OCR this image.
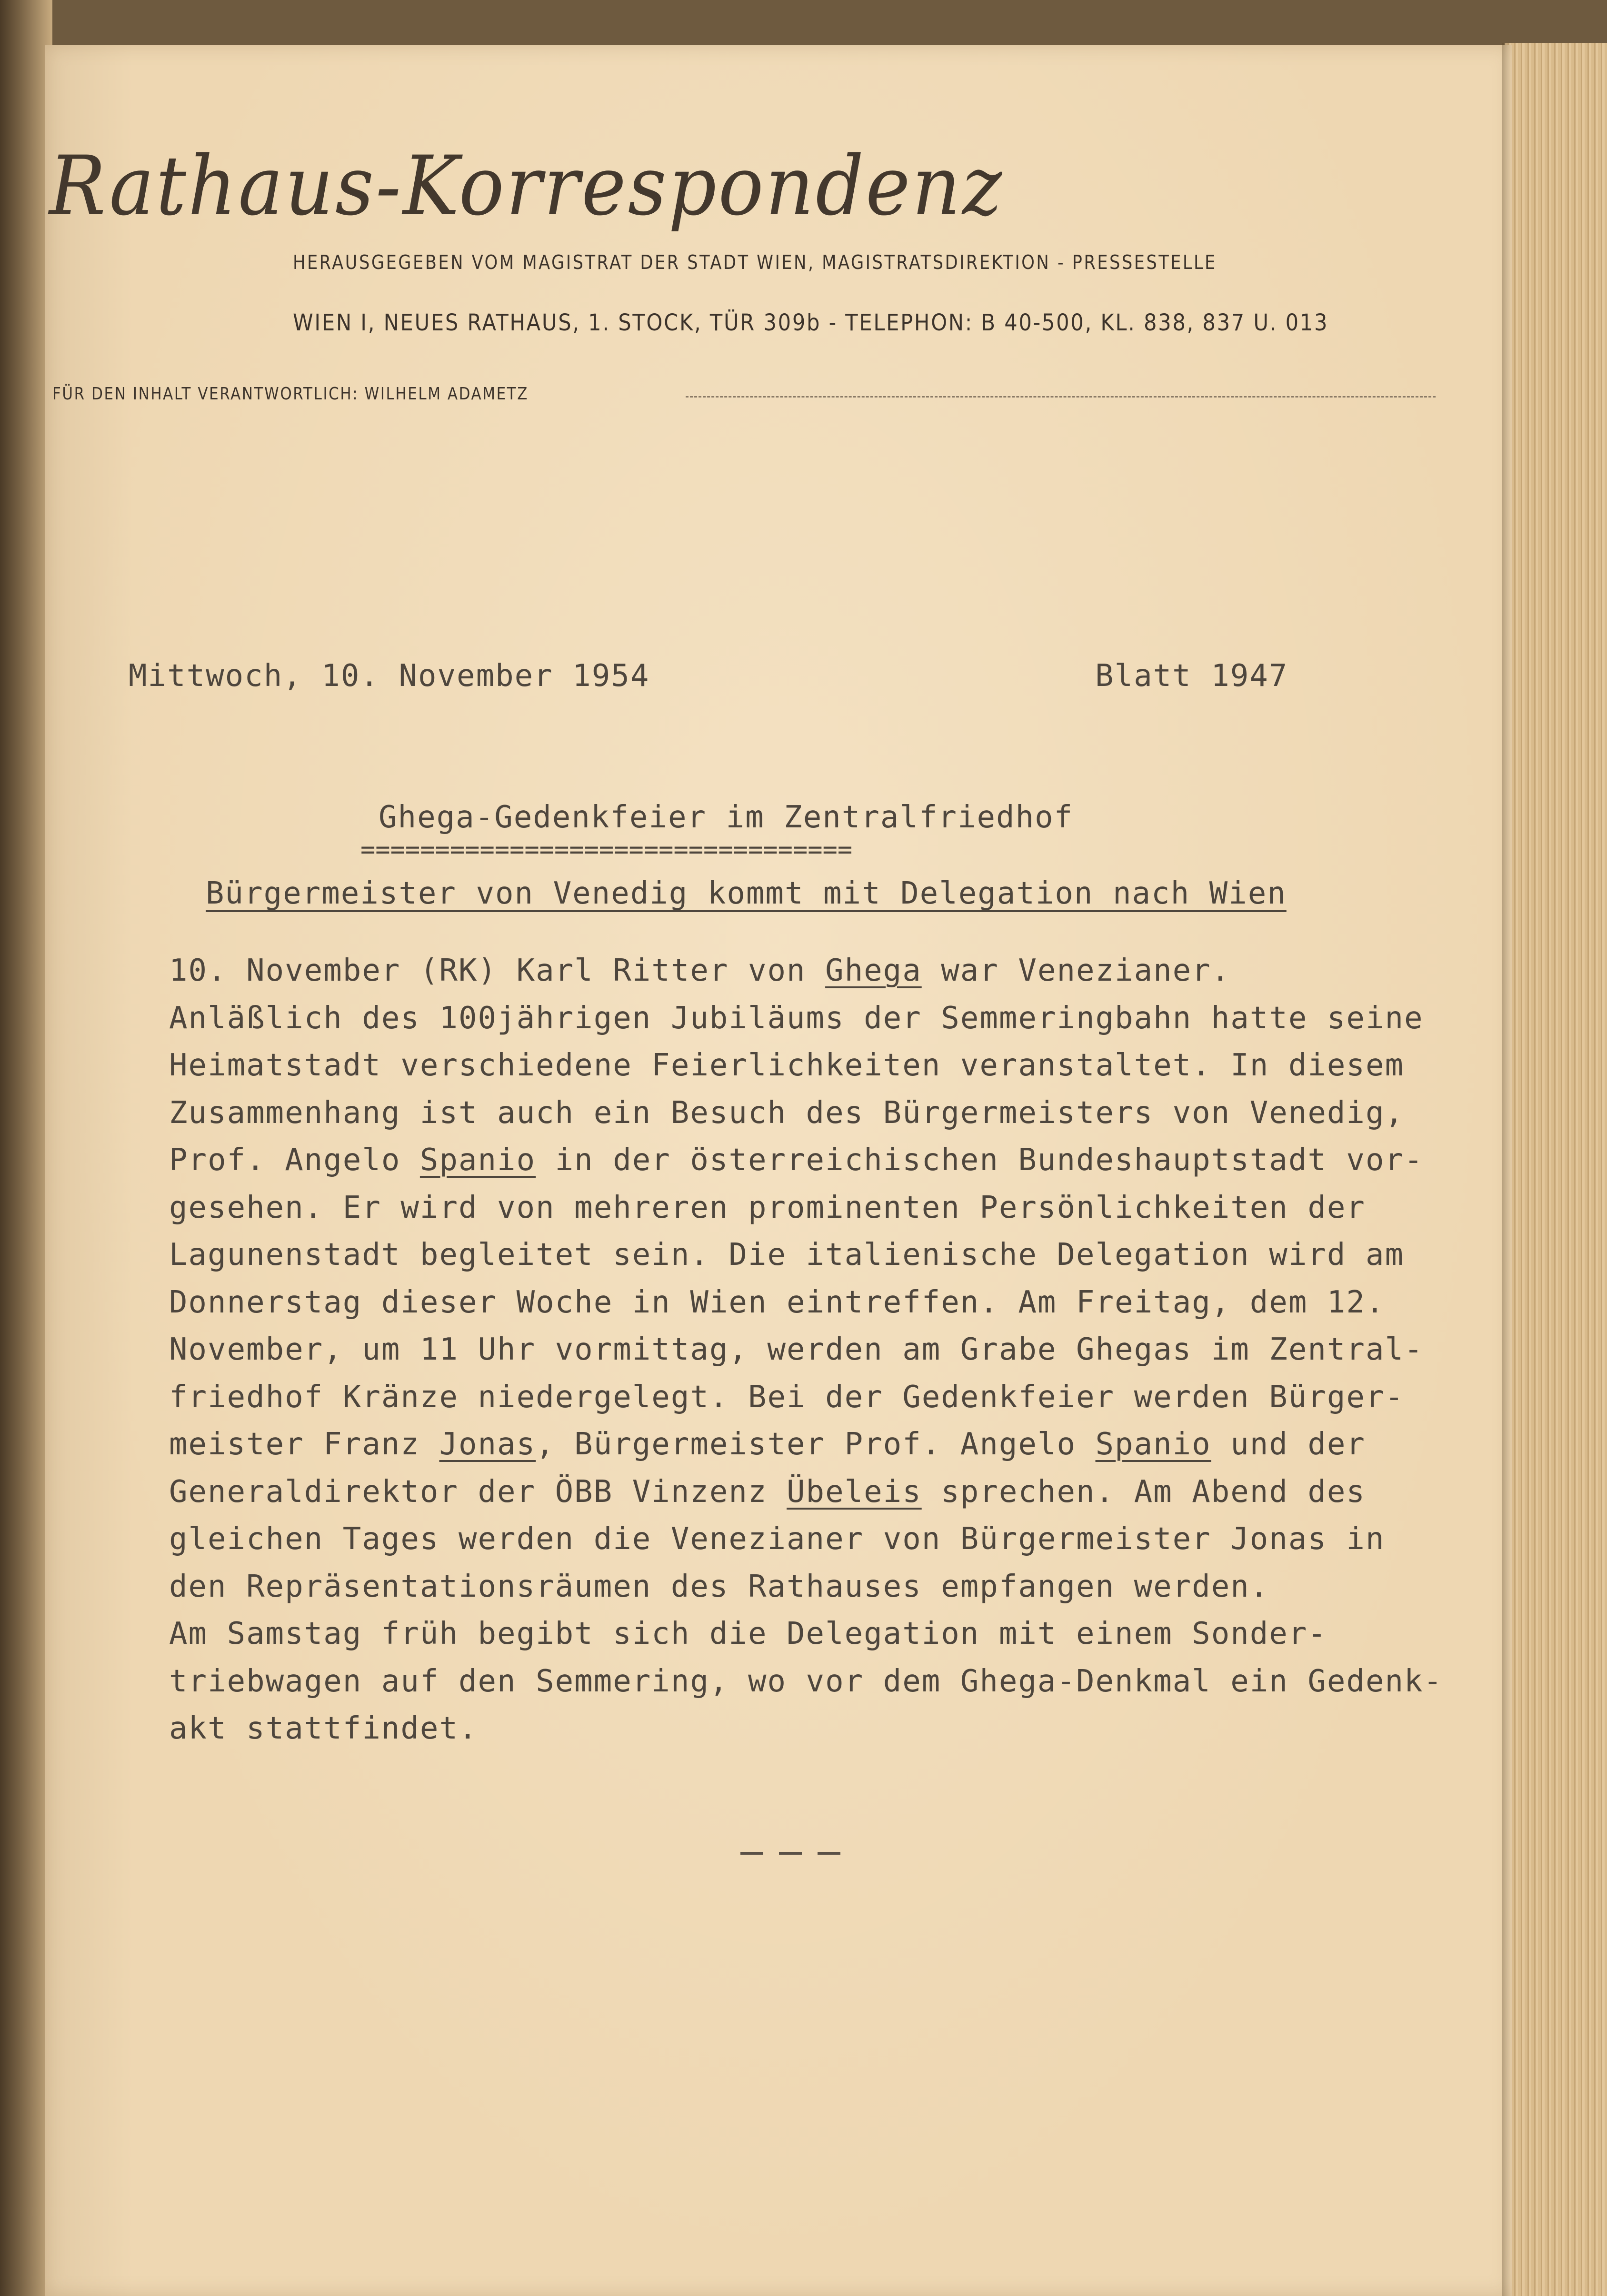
Rathaus-Korrespondenz
HERAUSGEGEBEN VOM MAGISTRAT DER STADT WIEN, MAGISTRATSDIREKTION - PRESSESTELLE
WIEN I, NEUES RATHAUS, 1. STOCK, TÜR 309b - TELEPHON: B 40-500, KL. 838, 837 U. 013
FÜR DEN INHALT VERANTWORTLICH: WILHELM ADAMETZ
Mittwoch, 10. November 1954	Blatt 1947
Ghega-Gedenkfeier im Zentralfriedhof
=================================
Bürgermeister von Venedig kommt mit Delegation nach Wien
10. November (RK) Karl Ritter von Ghega war Venezianer.
Anläßlich des 100jährigen Jubiläums der Semmeringbahn hatte seine
Heimatstadt verschiedene Feierlichkeiten veranstaltet. In diesem
Zusammenhang ist auch ein Besuch des Bürgermeisters von Venedig,
Prof. Angelo Spanio in der österreichischen Bundeshauptstadt vor-
gesehen. Er wird von mehreren prominenten Persönlichkeiten der
Lagunenstadt begleitet sein. Die italienische Delegation wird am
Donnerstag dieser Woche in Wien eintreffen. Am Freitag, dem 12.
November, um 11 Uhr vormittag, werden am Grabe Ghegas im Zentral-
friedhof Kränze niedergelegt. Bei der Gedenkfeier werden Bürger-
meister Franz Jonas, Bürgermeister Prof. Angelo Spanio und der
Generaldirektor der ÖBB Vinzenz Übeleis sprechen. Am Abend des
gleichen Tages werden die Venezianer von Bürgermeister Jonas in
den Repräsentationsräumen des Rathauses empfangen werden.
Am Samstag früh begibt sich die Delegation mit einem Sonder-
triebwagen auf den Semmering, wo vor dem Ghega-Denkmal ein Gedenk-
akt stattfindet.
